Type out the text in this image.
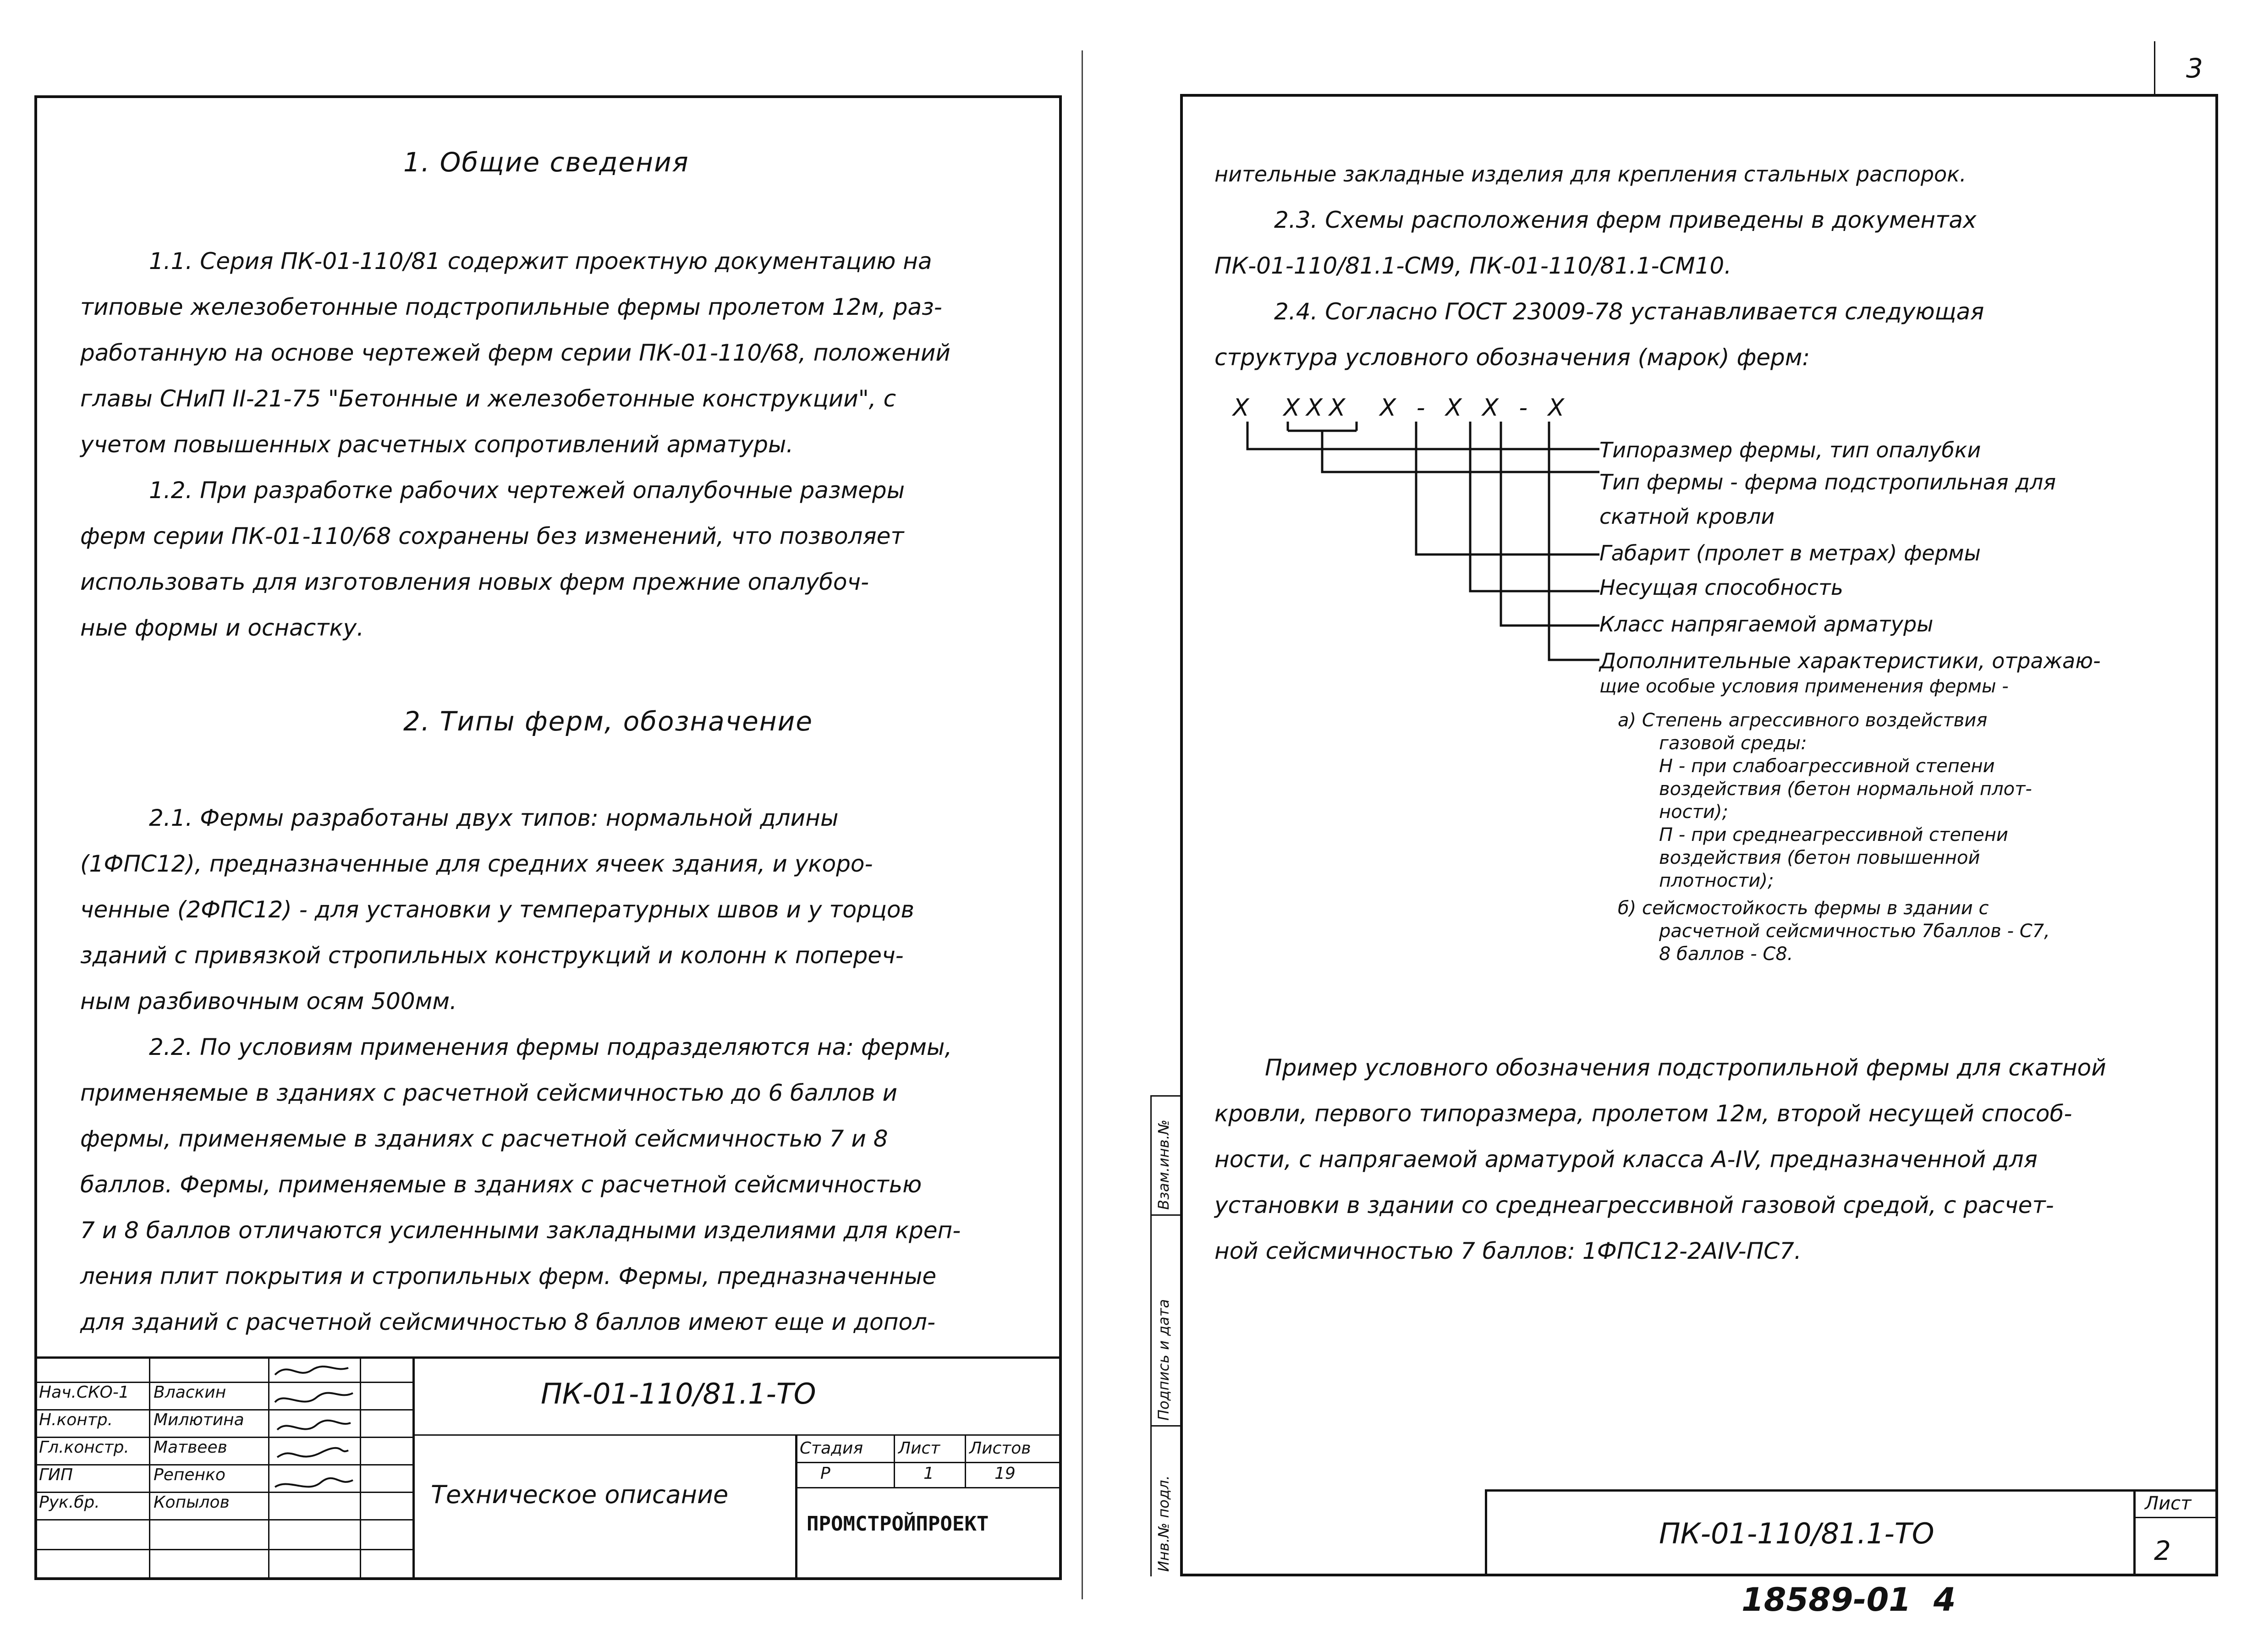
1. Общие сведения

1.1. Серия ПК-01-110/81 содержит проектную документацию на

типовые железобетонные подстропильные фермы пролетом 12м, раз-

работанную на основе чертежей ферм серии ПК-01-110/68, положений

главы СНиП II-21-75 "Бетонные и железобетонные конструкции", с

учетом повышенных расчетных сопротивлений арматуры.

1.2. При разработке рабочих чертежей опалубочные размеры

ферм серии ПК-01-110/68 сохранены без изменений, что позволяет

использовать для изготовления новых ферм прежние опалубоч-

ные формы и оснастку.

2. Типы ферм, обозначение

2.1. Фермы разработаны двух типов: нормальной длины

(1ФПС12), предназначенные для средних ячеек здания, и укоро-

ченные (2ФПС12) - для установки у температурных швов и у торцов

зданий с привязкой стропильных конструкций и колонн к попереч-

ным разбивочным осям 500мм.

2.2. По условиям применения фермы подразделяются на: фермы,

применяемые в зданиях с расчетной сейсмичностью до 6 баллов и

фермы, применяемые в зданиях с расчетной сейсмичностью 7 и 8

баллов. Фермы, применяемые в зданиях с расчетной сейсмичностью

7 и 8 баллов отличаются усиленными закладными изделиями для креп-

ления плит покрытия и стропильных ферм. Фермы, предназначенные

для зданий с расчетной сейсмичностью 8 баллов имеют еще и допол-

Нач.СКО-1 Власкин
Н.контр. Милютина
Гл.констр. Матвеев
ГИП	Репенко
Рук.бр.	Копылов
ПК-01-110/81.1-ТО
Техническое описание
Стадия Лист Листов
Р	1	19
ПРОМСТРОЙПРОЕКТ
3

нительные закладные изделия для крепления стальных распорок.

2.3. Схемы расположения ферм приведены в документах

ПК-01-110/81.1-СМ9, ПК-01-110/81.1-СМ10.

2.4. Согласно ГОСТ 23009-78 устанавливается следующая

структура условного обозначения (марок) ферм:

Х  ХХХ  Х - Х Х - Х
Типоразмер фермы, тип опалубки
Тип фермы - ферма подстропильная для
скатной кровли
Габарит (пролет в метрах) фермы
Несущая способность
Класс напрягаемой арматуры
Дополнительные характеристики, отражаю-
щие особые условия применения фермы -
а) Степень агрессивного воздействия
газовой среды:
Н - при слабоагрессивной степени
воздействия (бетон нормальной плот-
ности);
П - при среднеагрессивной степени
воздействия (бетон повышенной
плотности);
б) сейсмостойкость фермы в здании с
расчетной сейсмичностью 7баллов - С7,
8 баллов - С8.

Пример условного обозначения подстропильной фермы для скатной

кровли, первого типоразмера, пролетом 12м, второй несущей способ-

ности, с напрягаемой арматурой класса А-IV, предназначенной для

установки в здании со среднеагрессивной газовой средой, с расчет-

ной сейсмичностью 7 баллов: 1ФПС12-2АIV-ПС7.

Инв.№ подл.
Подпись и дата
Взам.инв.№
ПК-01-110/81.1-ТО
Лист
2
18589-01  4
